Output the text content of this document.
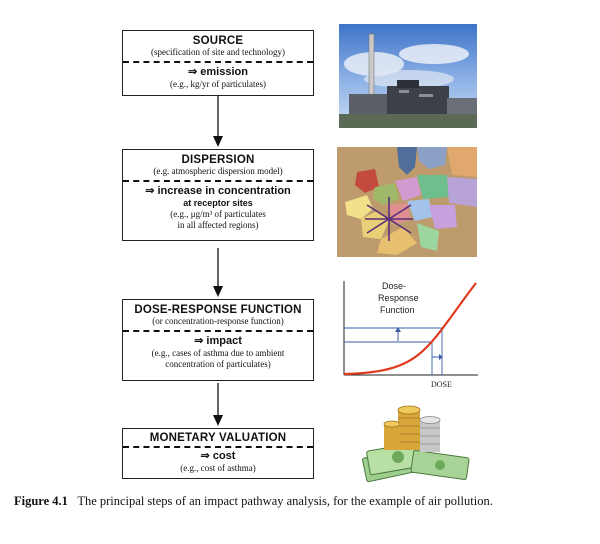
SOURCE
(specification of site and technology)
⇒ emission
(e.g., kg/yr of particulates)
DISPERSION
(e.g. atmospheric dispersion model)
⇒ increase in concentration
at receptor sites
(e.g., μg/m³ of particulates
in all affected regions)
DOSE-RESPONSE FUNCTION
(or concentration-response function)
⇒ impact
(e.g., cases of asthma due to ambient
concentration of particulates)
MONETARY VALUATION
⇒ cost
(e.g., cost of asthma)
Dose-
Response
Function
DOSE
Figure 4.1 The principal steps of an impact pathway analysis, for the example of air pollution.
